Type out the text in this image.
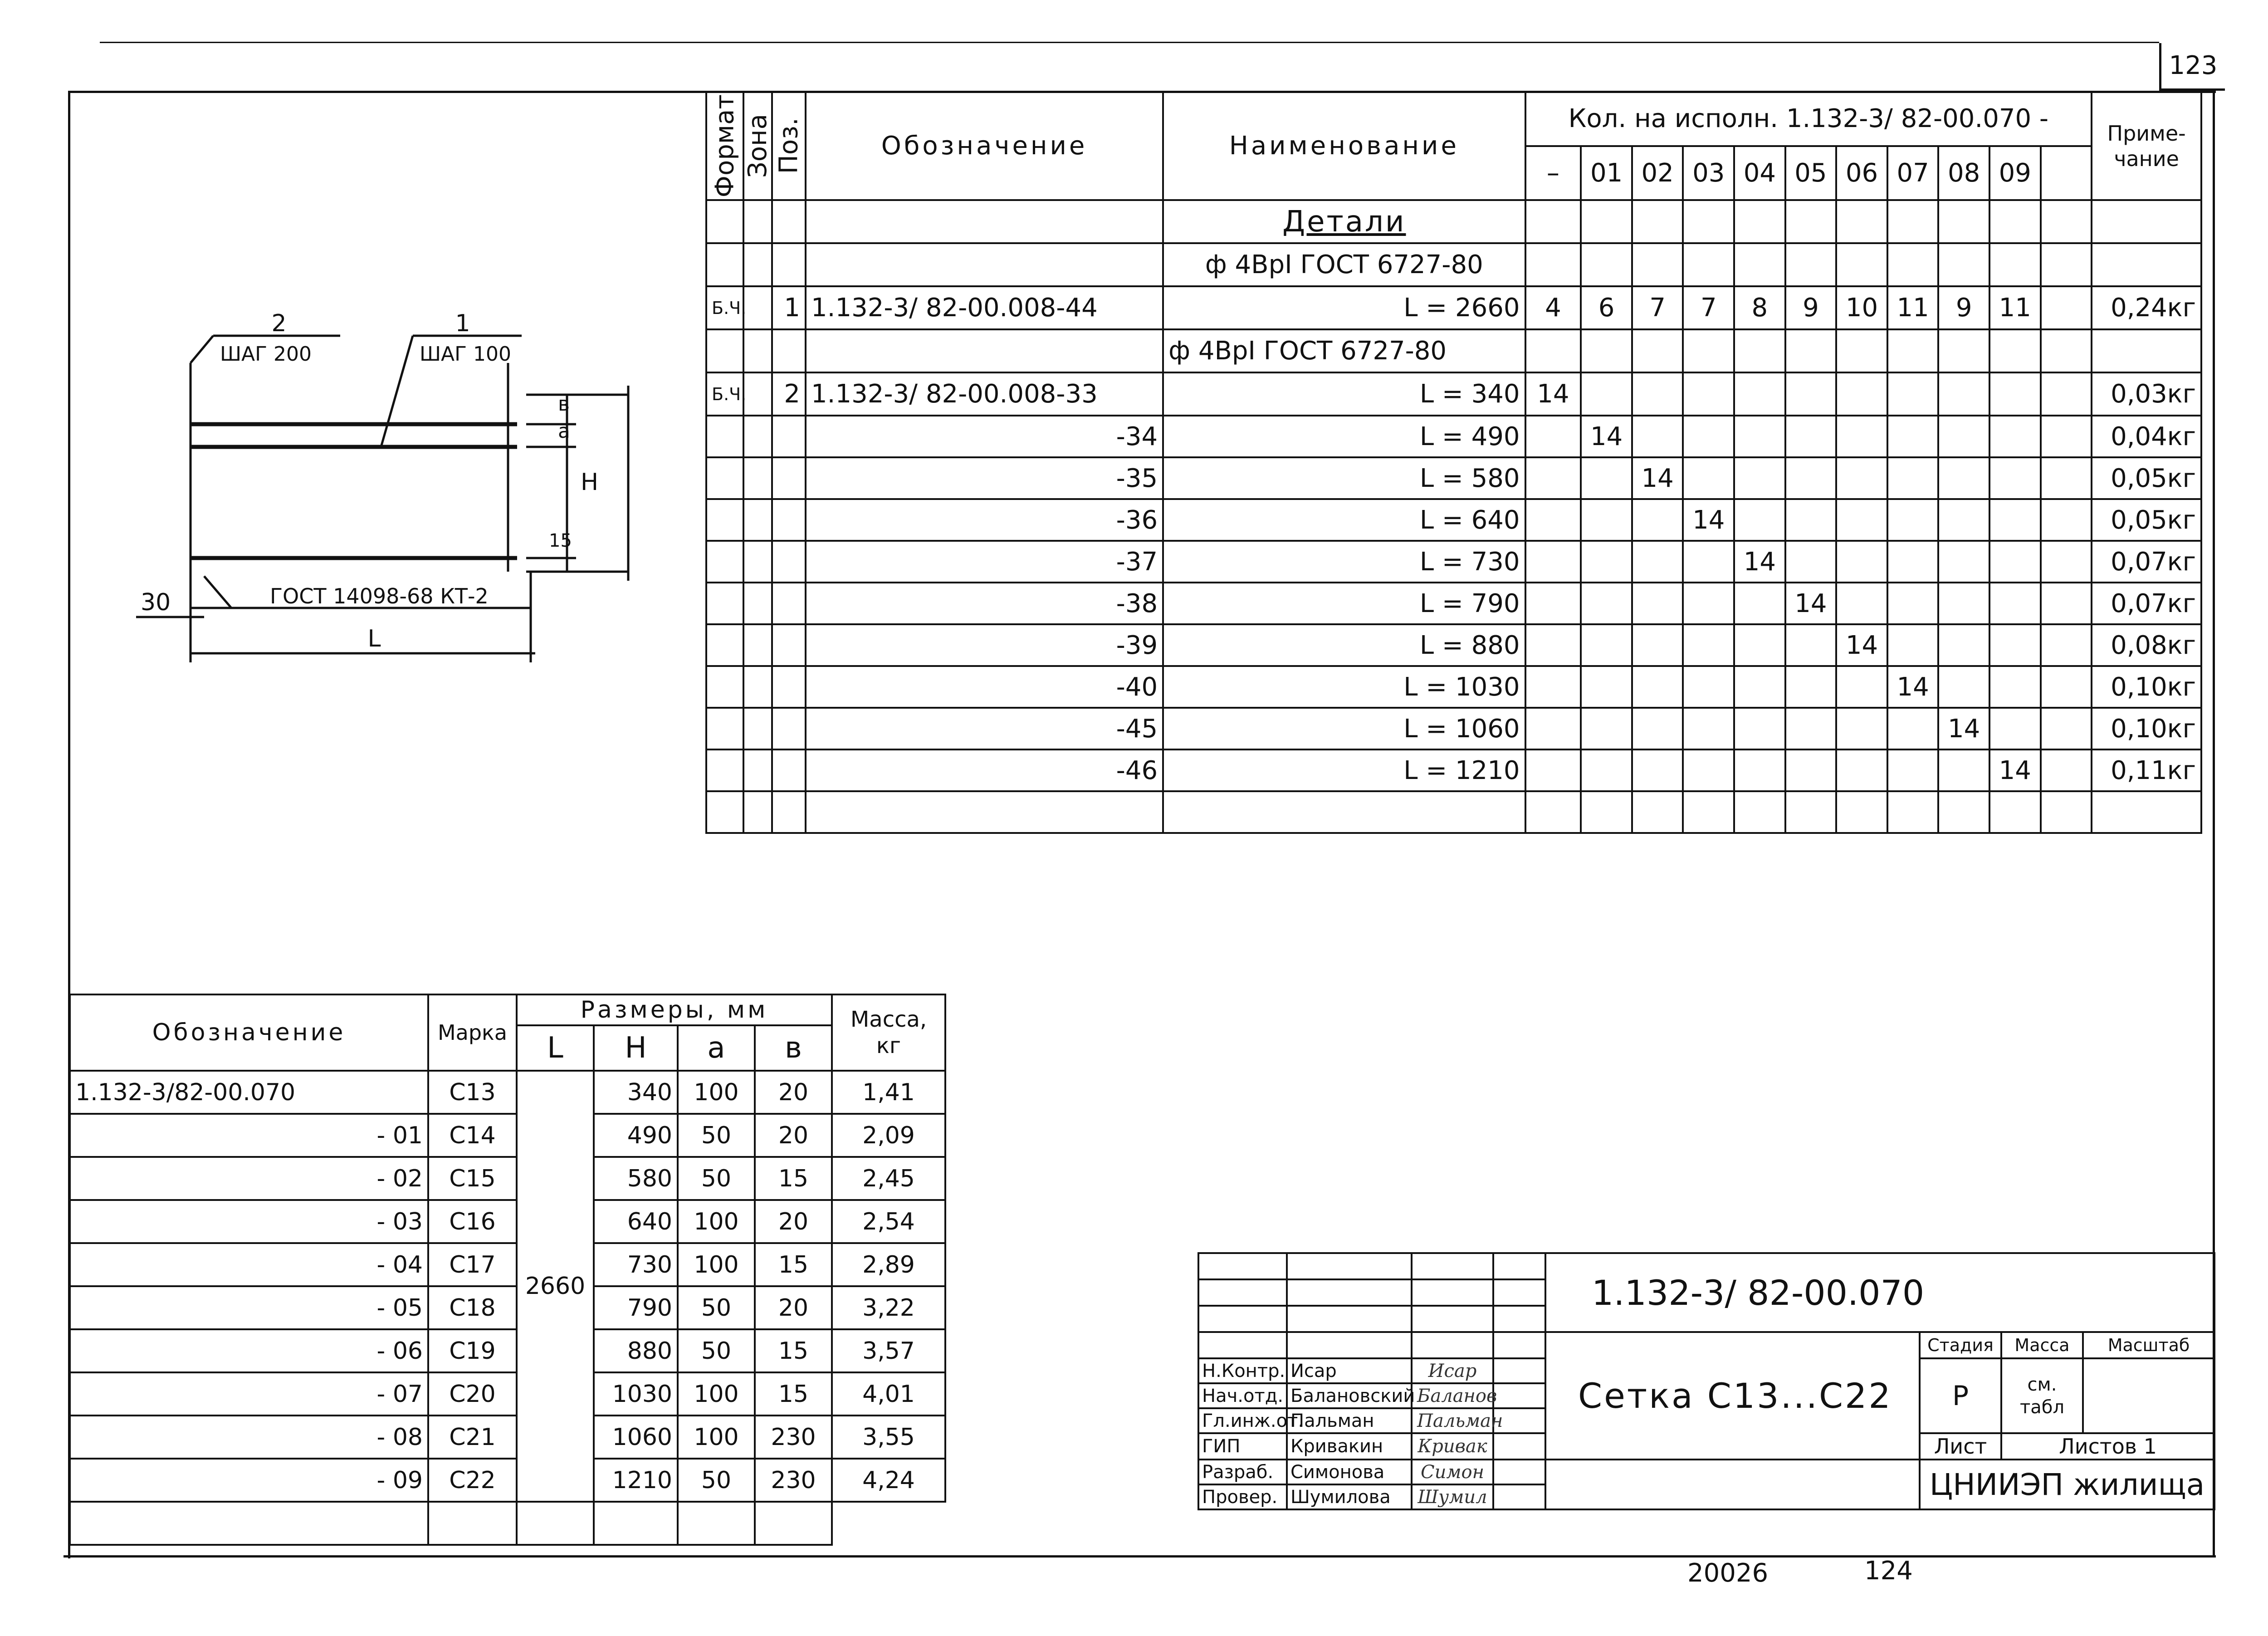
123
2	1
ШАГ 200	ШАГ 100
в
а
Н
15
30	ГОСТ 14098-68 КТ-2
L
Формат	Зона	Поз.	Обозначение	Наименование	Кол. на исполн. 1.132-3/ 82-00.070 -											Приме-чание
					–	01	02	03	04	05	06	07	08	09		
				Детали												
				ф 4ВрI ГОСТ 6727-80												
Б.Ч.		1	1.132-3/ 82-00.008-44	L = 2660	4	6	7	7	8	9	10	11	9	11		0,24кг
				ф 4ВрI ГОСТ 6727-80												
Б.Ч.		2	1.132-3/ 82-00.008-33	L = 340	14											0,03кг
			-34	L = 490		14										0,04кг
			-35	L = 580			14									0,05кг
			-36	L = 640				14								0,05кг
			-37	L = 730					14							0,07кг
			-38	L = 790						14						0,07кг
			-39	L = 880							14					0,08кг
			-40	L = 1030								14				0,10кг
			-45	L = 1060									14			0,10кг
			-46	L = 1210										14		0,11кг

Обозначение	Марка	Размеры, мм				Масса, кг
		L	Н	а	в	
1.132-3/82-00.070	С13	2660	340	100	20	1,41
- 01	С14		490	50	20	2,09
- 02	С15		580	50	15	2,45
- 03	С16		640	100	20	2,54
- 04	С17		730	100	15	2,89
- 05	С18		790	50	20	3,22
- 06	С19		880	50	15	3,57
- 07	С20		1030	100	15	4,01
- 08	С21		1060	100	230	3,55
- 09	С22		1210	50	230	4,24

				1.132-3/ 82-00.070			

				Сетка С13...С22	Стадия	Масса	Масштаб
Н.Контр.	Исар	Исар			Р	см. табл	
Нач.отд.	Балановский	Баланов					
Гл.инж.от.	Пальман	Пальман					
ГИП	Кривакин	Кривак			Лист	Листов 1	
Разраб.	Симонова	Симон			ЦНИИЭП жилища		
Провер.	Шумилова	Шумил					
20026	124
